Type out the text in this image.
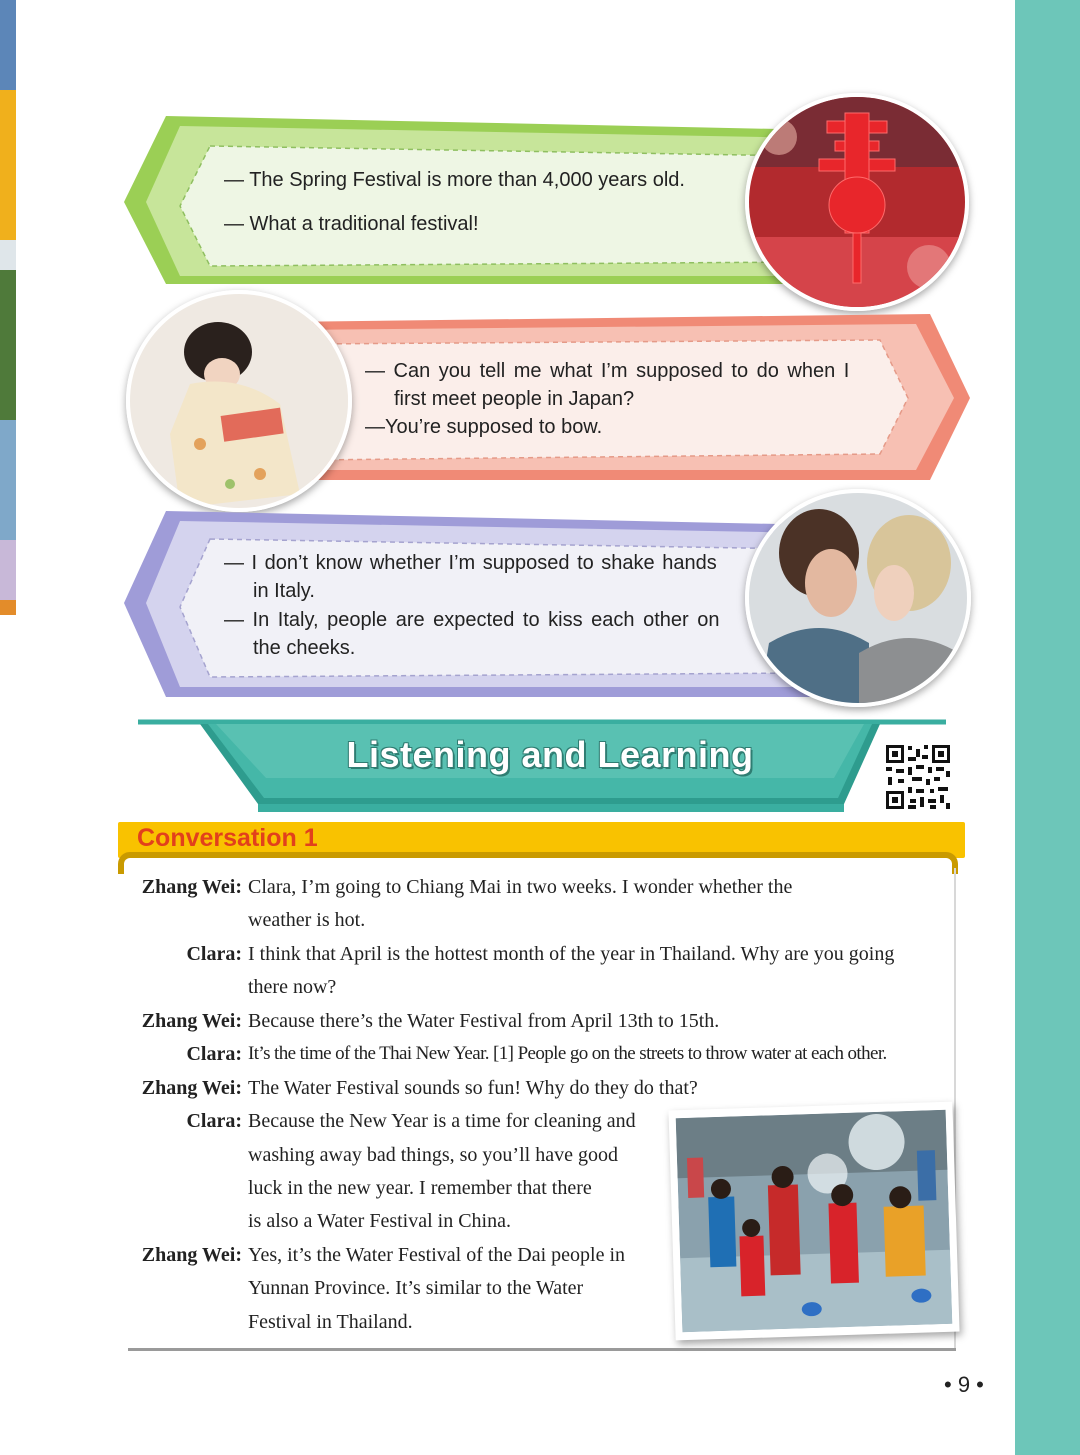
— The Spring Festival is more than 4,000 years old.
— What a traditional festival!
— Can you tell me what I’m supposed to do when I
first meet people in Japan?
—You’re supposed to bow.
— I don’t know whether I’m supposed to shake hands
in Italy.
— In Italy, people are expected to kiss each other on
the cheeks.
Listening and Learning
Conversation 1
Zhang Wei:
Clara:
Zhang Wei:
Clara:
Zhang Wei:
Clara:
Zhang Wei:
Clara, I’m going to Chiang Mai in two weeks. I wonder whether the
weather is hot.
I think that April is the hottest month of the year in Thailand. Why are you going
there now?
Because there’s the Water Festival from April 13th to 15th.
It’s the time of the Thai New Year. [1] People go on the streets to throw water at each other.
The Water Festival sounds so fun! Why do they do that?
Because the New Year is a time for cleaning and
washing away bad things, so you’ll have good
luck in the new year. I remember that there
is also a Water Festival in China.
Yes, it’s the Water Festival of the Dai people in
Yunnan Province. It’s similar to the Water
Festival in Thailand.
• 9 •
